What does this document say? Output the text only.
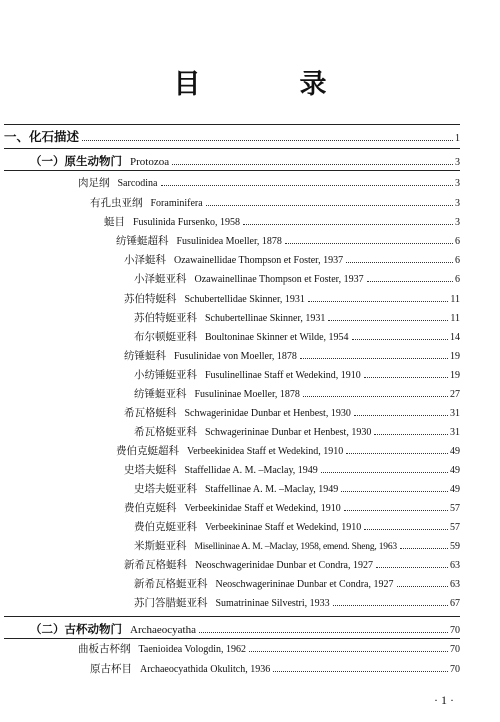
目　录
一、化石描述	1
（一）原生动物门 Protozoa	3
肉足纲 Sarcodina	3
有孔虫亚纲 Foraminifera	3
蜓目 Fusulinida Fursenko, 1958	3
纺锤蜓超科 Fusulinidea Moeller, 1878	6
小泽蜓科 Ozawainellidae Thompson et Foster, 1937	6
小泽蜓亚科 Ozawainellinae Thompson et Foster, 1937	6
苏伯特蜓科 Schubertellidae Skinner, 1931	11
苏伯特蜓亚科 Schubertellinae Skinner, 1931	11
布尔顿蜓亚科 Boultoninae Skinner et Wilde, 1954	14
纺锤蜓科 Fusulinidae von Moeller, 1878	19
小纺锤蜓亚科 Fusulinellinae Staff et Wedekind, 1910	19
纺锤蜓亚科 Fusulininae Moeller, 1878	27
希瓦格蜓科 Schwagerinidae Dunbar et Henbest, 1930	31
希瓦格蜓亚科 Schwagerininae Dunbar et Henbest, 1930	31
费伯克蜓超科 Verbeekinidea Staff et Wedekind, 1910	49
史塔夫蜓科 Staffellidae A. M. –Maclay, 1949	49
史塔夫蜓亚科 Staffellinae A. M. –Maclay, 1949	49
费伯克蜓科 Verbeekinidae Staff et Wedekind, 1910	57
费伯克蜓亚科 Verbeekininae Staff et Wedekind, 1910	57
米斯蜓亚科 Misellininae A. M. –Maclay, 1958, emend. Sheng, 1963	59
新希瓦格蜓科 Neoschwagerinidae Dunbar et Condra, 1927	63
新希瓦格蜓亚科 Neoschwagerininae Dunbar et Condra, 1927	63
苏门答腊蜓亚科 Sumatrininae Silvestri, 1933	67
（二）古杯动物门 Archaeocyatha	70
曲板古杯纲 Taenioidea Vologdin, 1962	70
原古杯目 Archaeocyathida Okulitch, 1936	70
· 1 ·
